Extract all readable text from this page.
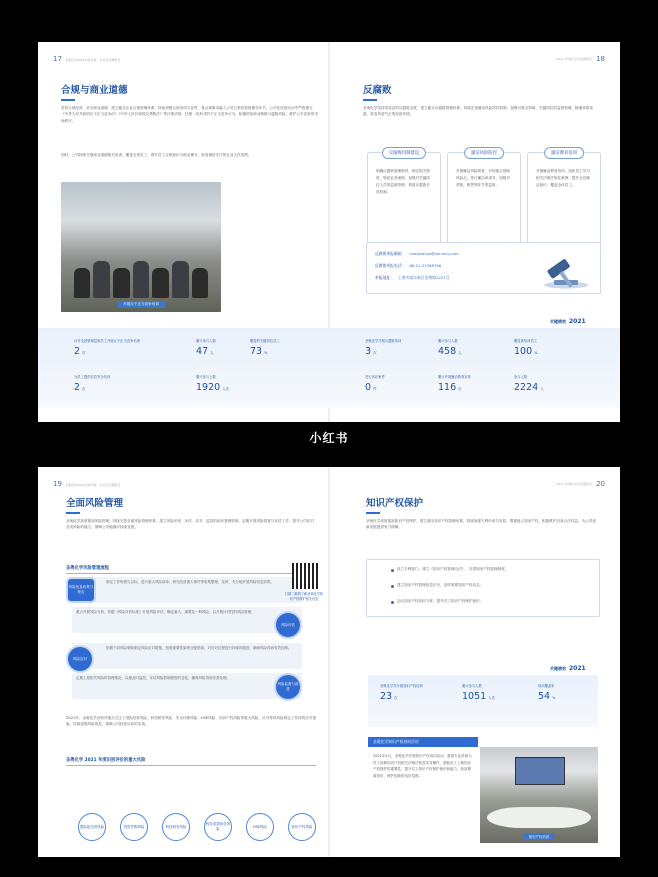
17 圣奥化学2021年度环境、社会及治理报告
合规与商业道德
坚持合规经营，坚守商业道德，建立健全企业合规管理体系，持续加强合规培训与宣贯，将合规要求融入公司日常经营管理各环节。公司在经营活动中严格遵守《中华人民共和国反不正当竞争法》《中华人民共和国反垄断法》等法律法规，杜绝一切形式的不正当竞争行为，积极防范商业贿赂与腐败风险，维护公平竞争的市场秩序。
同时，公司持续开展商业道德相关培训，覆盖全体员工，提升员工合规意识与职业操守，营造诚信守法的企业文化氛围。
开展反不正当竞争培训
2021 环境社会及治理报告 18
反腐败
圣奥化学坚持零容忍的反腐败态度，建立健全反腐败管理体系，持续完善廉洁风险防控机制，加强对重点领域、关键岗位的监督管理，畅通举报渠道，营造风清气正的经营环境。
反腐败机制建设
明确反腐败管理职责，制定相关制度，规范业务流程，加强对关键岗位人员的监督管理，构建反腐败长效机制。
廉洁风险防控
开展廉洁风险排查，识别重点领域风险点，签订廉洁承诺书，加强对采购、销售等环节的监督。
廉洁教育培训
开展廉洁教育培训，组织员工学习相关法律法规及案例，提升全员廉洁意识，覆盖全体员工。
反腐败举报邮箱： compliance@sennics.com
反腐败举报电话： 86-21-31768766
举报地址： 上海市浦东新区金海路2222号
关键绩效 2021
针对全部管理层和员工开展反不正当竞争培训
2 次
累计参与人数
47 人
覆盖的关键岗位员工
73 %
为员工提供信息安全培训
2 次
累计参与人数
1920 人次
圣奥化学开展反腐败培训
3 次
累计参与人数
458 人
覆盖被培训员工
100 %
贪污诉讼案件
0 件
累计开展廉洁教育宣传
116 次
参与人数
2224 人
小红书
19 圣奥化学2021年度环境、社会及治理报告
全面风险管理
圣奥化学高度重视风险管理，持续完善全面风险管理体系，建立风险识别、评估、应对、监控的闭环管理机制，定期开展风险排查与评估工作，提升公司应对各类风险的能力，保障公司稳健可持续发展。
圣奥化学风险管理流程
制定工作规划与目标，进行重大风险清单、研究经营重大事件等收集整理，及时、充分地开展风险信息收集。
重点开展风险分析，依据《风险评估标准》开展风险评估，确定重大、重要及一般风险，以开展针对性的风险管理。
依据不同风险策略制定风险应对措施，按照重要性原则分配资源，对应对过程进行持续的跟进，确保风险得到有效控制。
定期上报相关风险的管理情况，以便及时监控，评估风险影响程度的变化，确保风险得到妥善处理。
风险信息收集与报告
风险评估
风险应对
风险监督与改进
2021年，圣奥化学识别并重点关注了国际经营风险、科技研发风险、安全环保风险、HSE风险、知识产权风险等重大风险，针对每项风险制定了具体的应对措施，持续加强风险管控，保障公司经营目标的实现。
圣奥化学 2021 年度识别评价的重大风险
国际化经营风险	投资并购风险	科技研发风险
科技成果转化风险
HSE风险	知识产权风险
2021 环境社会及治理报告 20
知识产权保护
圣奥化学高度重视知识产权保护，建立健全知识产权管理体系，持续加强专利申请与布局，尊重他人知识产权，积极维护自身合法权益，为公司创新发展提供有力保障。
设立专利部门，建立《知识产权管理办法》，完善知识产权管理制度。
建立知识产权管理信息平台，及时掌握知识产权动态。
加大知识产权培训力度，提升员工知识产权保护意识。
扫描二维码了解圣奥化学知识产权保护相关信息
关键绩效 2021
圣奥化学共开展知识产权培训
23 次
累计参与人数
1051 人次
培训覆盖率
54 %
圣奥化学知识产权培训活动
2021年4月，圣奥化学开展知识产权培训活动，邀请专业讲师为员工讲解知识产权相关法律法规及实务操作，帮助员工了解知识产权保护的重要性，提升员工知识产权保护意识和能力，营造尊重知识、保护创新的良好氛围。
知识产权培训
